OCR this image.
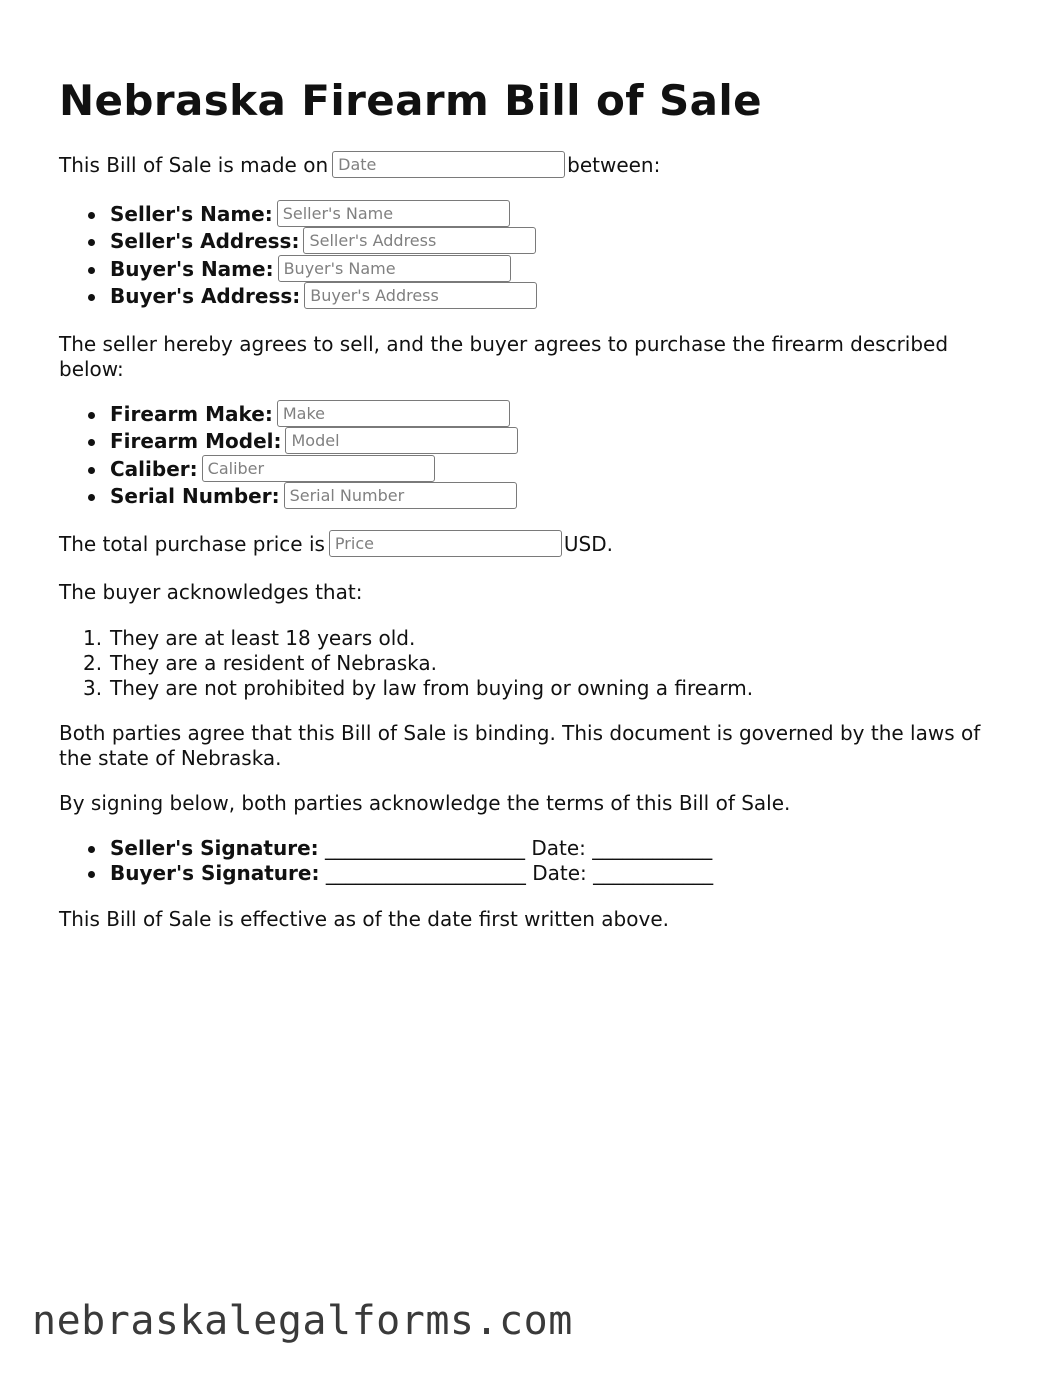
Nebraska Firearm Bill of Sale

This Bill of Sale is made onDate	between:

Seller's Name:Seller's Name
Seller's Address:Seller's Address
Buyer's Name:Buyer's Name
Buyer's Address:Buyer's Address

The seller hereby agrees to sell, and the buyer agrees to purchase the firearm described below:

Firearm Make:Make
Firearm Model:Model
Caliber:Caliber
Serial Number:Serial Number

The total purchase price isPrice	USD.

The buyer acknowledges that:

1. They are at least 18 years old.
2. They are a resident of Nebraska.
3. They are not prohibited by law from buying or owning a firearm.

Both parties agree that this Bill of Sale is binding. This document is governed by the laws of the state of Nebraska.

By signing below, both parties acknowledge the terms of this Bill of Sale.

Seller's Signature: ____________________ Date: ____________
Buyer's Signature: ____________________ Date: ____________

This Bill of Sale is effective as of the date first written above.

nebraskalegalforms.com
